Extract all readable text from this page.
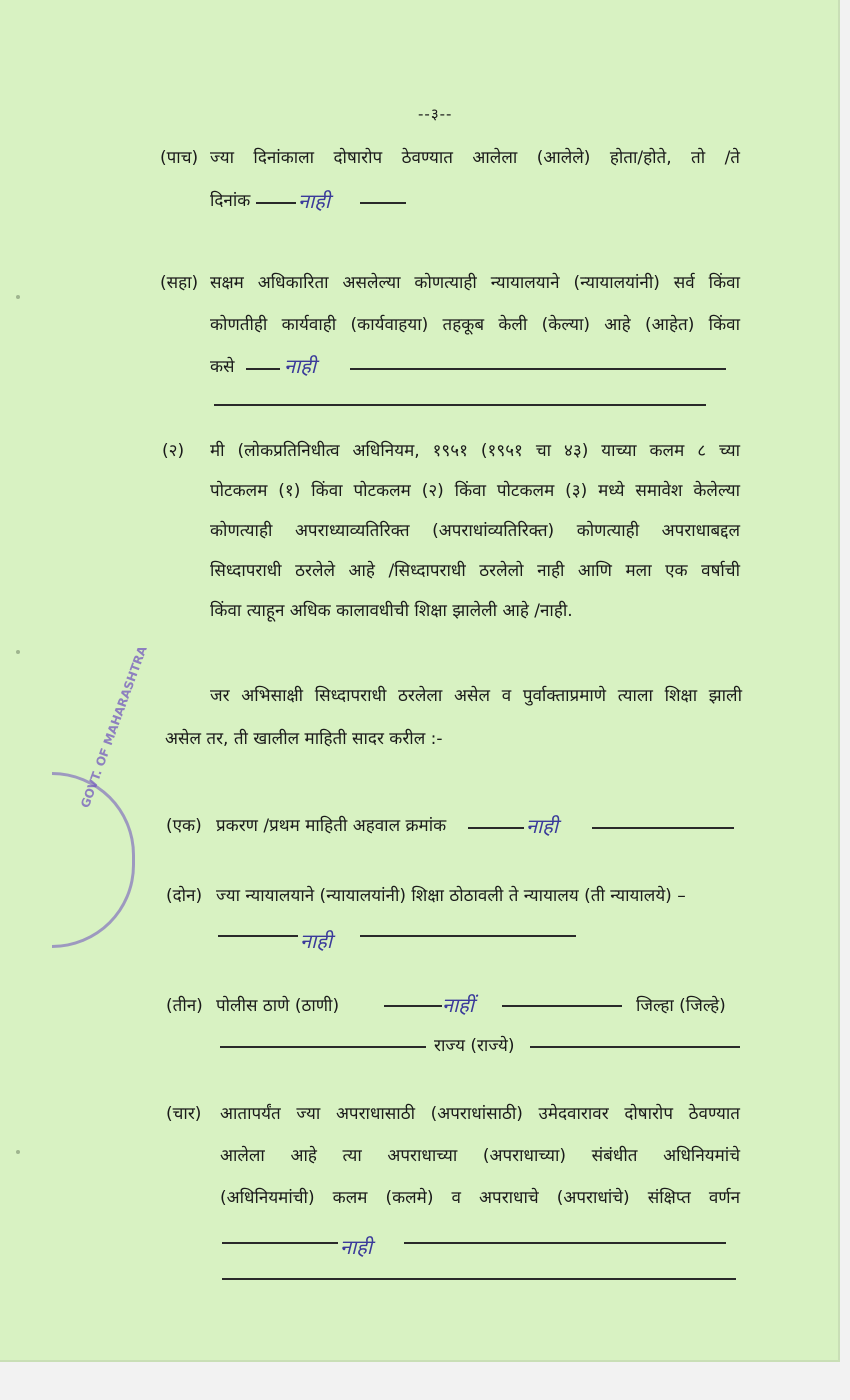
--३--
(पाच) ज्या दिनांकाला दोषारोप ठेवण्यात आलेला (आलेले) होता/होते, तो /ते
दिनांक नाही
(सहा) सक्षम अधिकारिता असलेल्या कोणत्याही न्यायालयाने (न्यायालयांनी) सर्व किंवा
कोणतीही कार्यवाही (कार्यवाहया) तहकूब केली (केल्या) आहे (आहेत) किंवा
कसे नाही
(२) मी (लोकप्रतिनिधीत्व अधिनियम, १९५१ (१९५१ चा ४३) याच्या कलम ८ च्या
पोटकलम (१) किंवा पोटकलम (२) किंवा पोटकलम (३) मध्ये समावेश केलेल्या
कोणत्याही अपराध्याव्यतिरिक्त (अपराधांव्यतिरिक्त) कोणत्याही अपराधाबद्दल
सिध्दापराधी ठरलेले आहे /सिध्दापराधी ठरलेलो नाही आणि मला एक वर्षाची
किंवा त्याहून अधिक कालावधीची शिक्षा झालेली आहे /नाही.
जर अभिसाक्षी सिध्दापराधी ठरलेला असेल व पुर्वाक्ताप्रमाणे त्याला शिक्षा झाली
असेल तर, ती खालील माहिती सादर करील :-
GOVT. OF MAHARASHTRA
(एक) प्रकरण /प्रथम माहिती अहवाल क्रमांक	नाही
(दोन) ज्या न्यायालयाने (न्यायालयांनी) शिक्षा ठोठावली ते न्यायालय (ती न्यायालये) –
नाही
(तीन) पोलीस ठाणे (ठाणी)	नाहीं	जिल्हा (जिल्हे)
राज्य (राज्ये)
(चार) आतापर्यंत ज्या अपराधासाठी (अपराधांसाठी) उमेदवारावर दोषारोप ठेवण्यात
आलेला आहे त्या अपराधाच्या (अपराधाच्या) संबंधीत अधिनियमांचे
(अधिनियमांची) कलम (कलमे) व अपराधाचे (अपराधांचे) संक्षिप्त वर्णन
नाही
